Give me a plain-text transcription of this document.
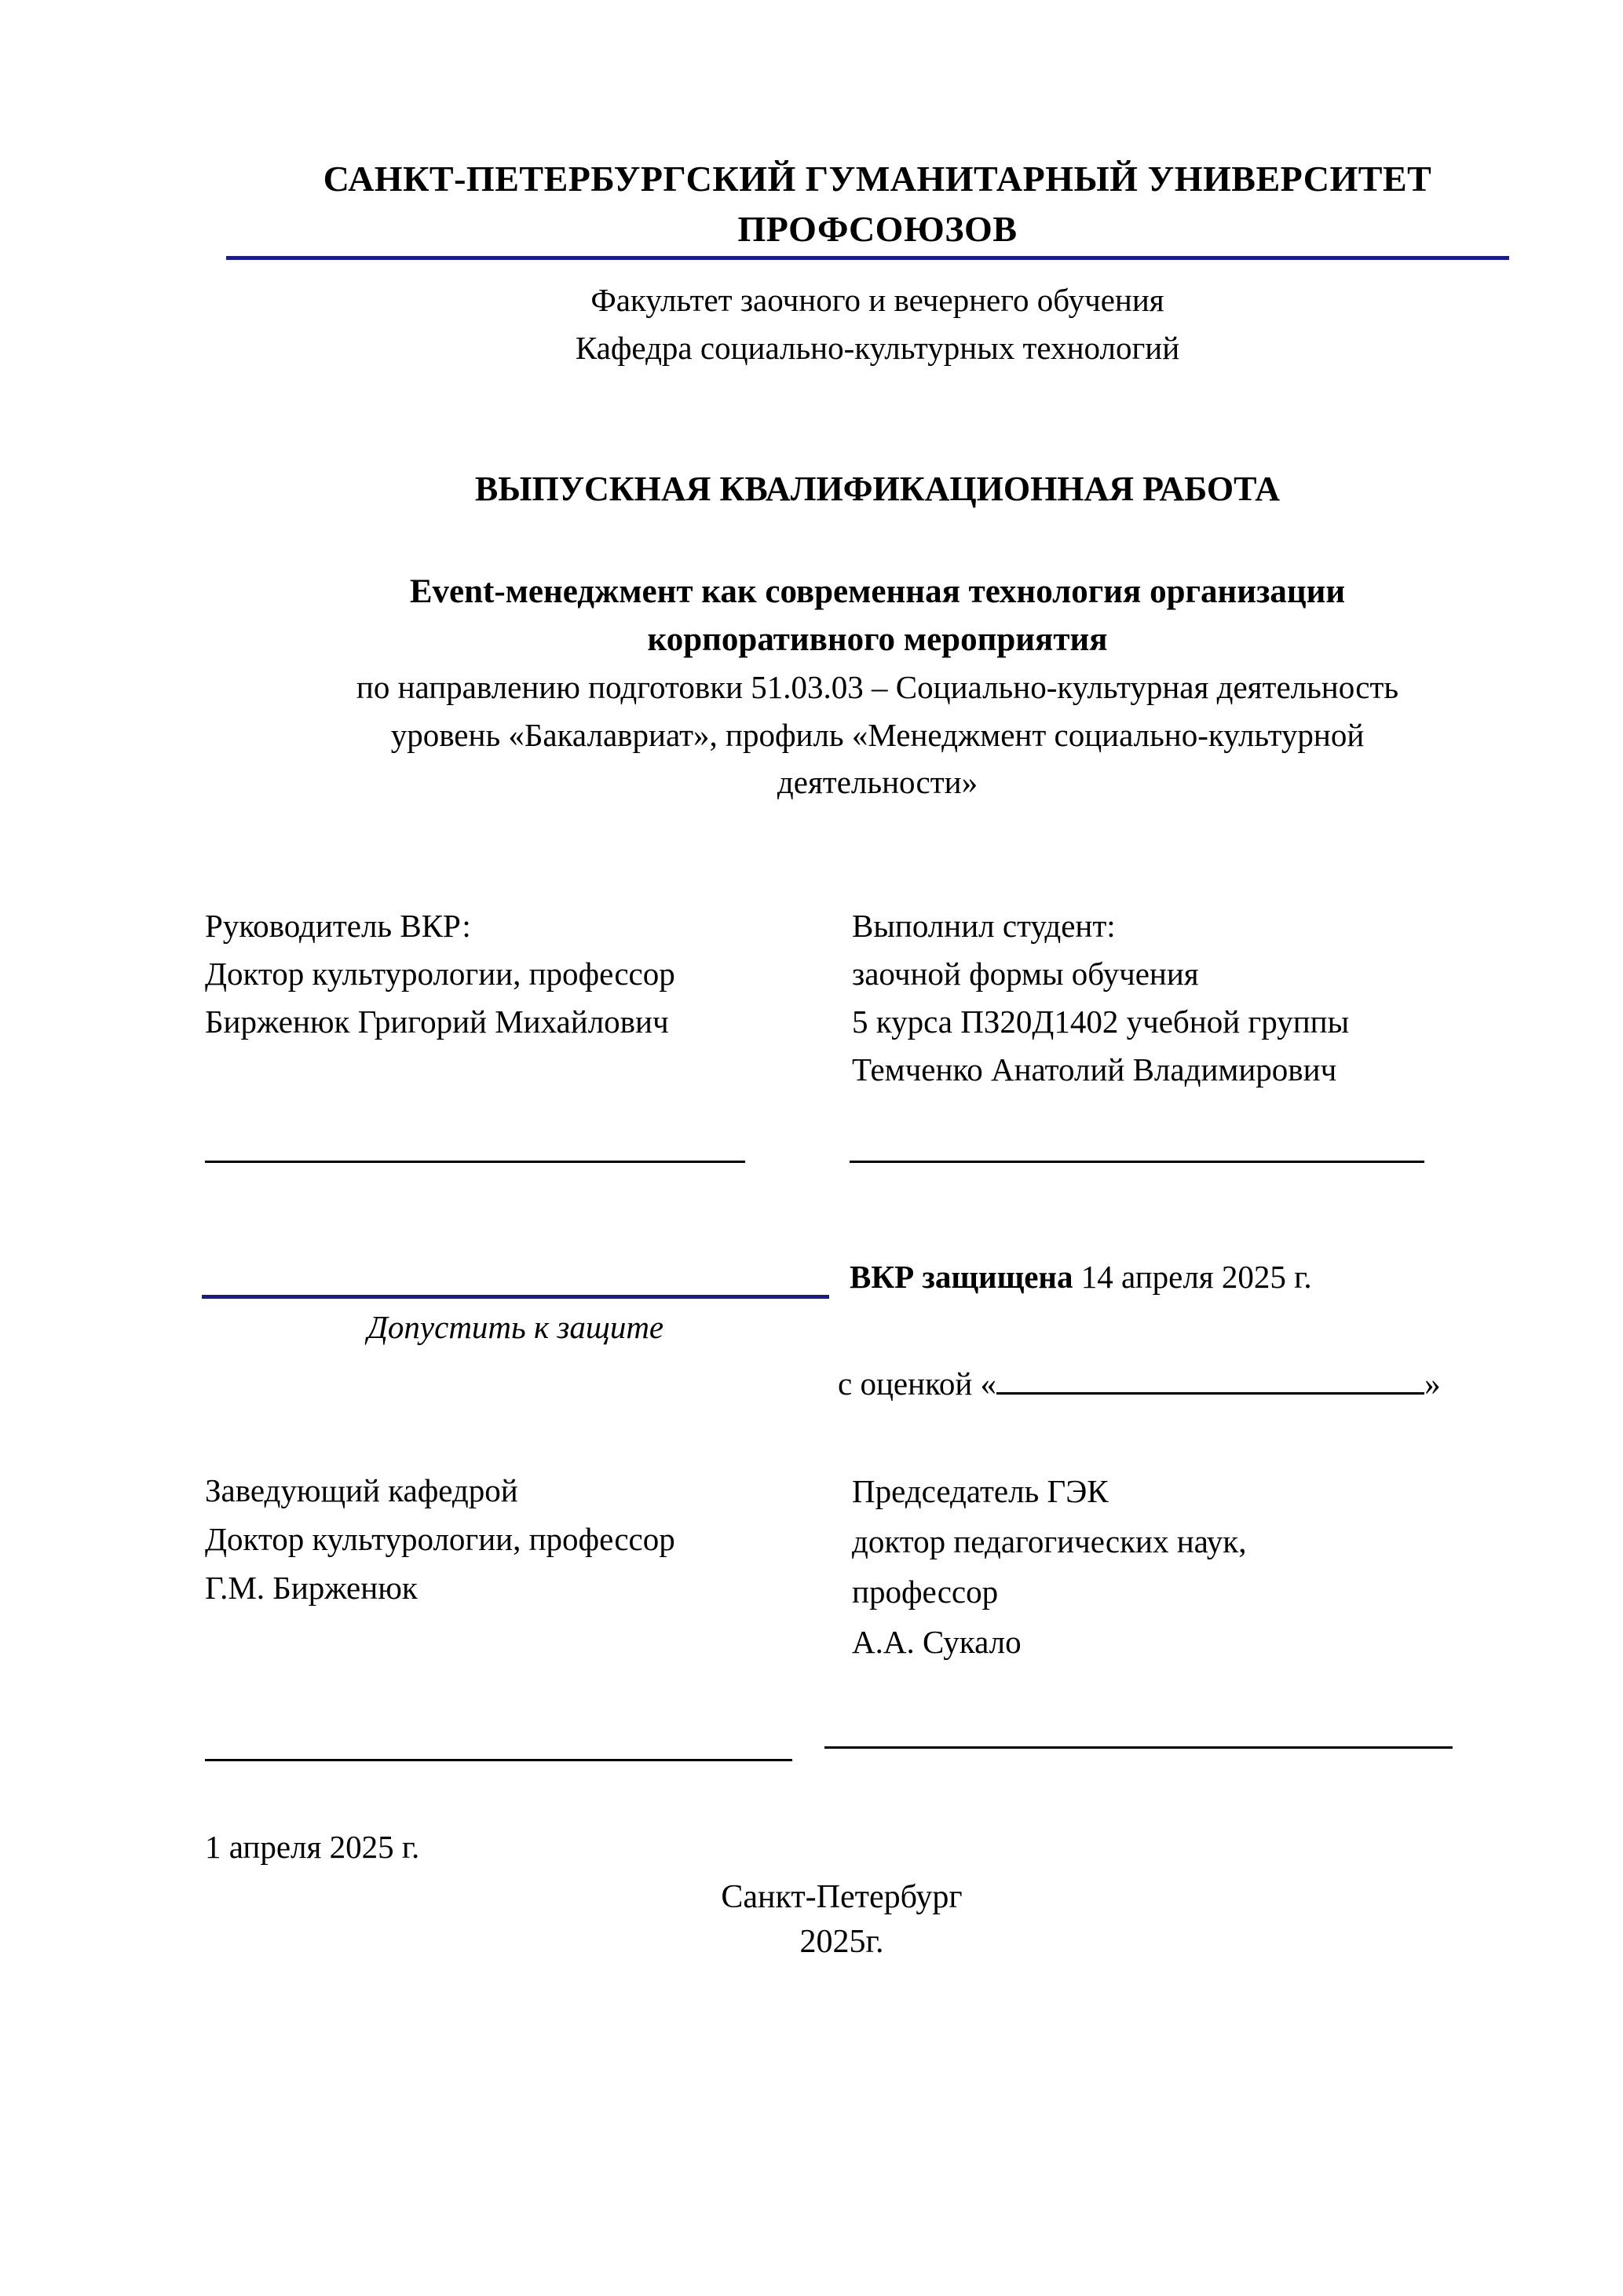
САНКТ-ПЕТЕРБУРГСКИЙ ГУМАНИТАРНЫЙ УНИВЕРСИТЕТ
ПРОФСОЮЗОВ
Факультет заочного и вечернего обучения
Кафедра социально-культурных технологий
ВЫПУСКНАЯ КВАЛИФИКАЦИОННАЯ РАБОТА
Event-менеджмент как современная технология организации
корпоративного мероприятия
по направлению подготовки 51.03.03 – Социально-культурная деятельность
уровень «Бакалавриат», профиль «Менеджмент социально-культурной
деятельности»
Руководитель ВКР:
Доктор культурологии, профессор
Бирженюк Григорий Михайлович
Выполнил студент:
заочной формы обучения
5 курса ПЗ20Д1402 учебной группы
Темченко Анатолий Владимирович
ВКР защищена 14 апреля 2025 г.
Допустить к защите
с оценкой «	»
Заведующий кафедрой
Доктор культурологии, профессор
Г.М. Бирженюк
Председатель ГЭК
доктор педагогических наук,
профессор
А.А. Сукало
1 апреля 2025 г.
Санкт-Петербург
2025г.
